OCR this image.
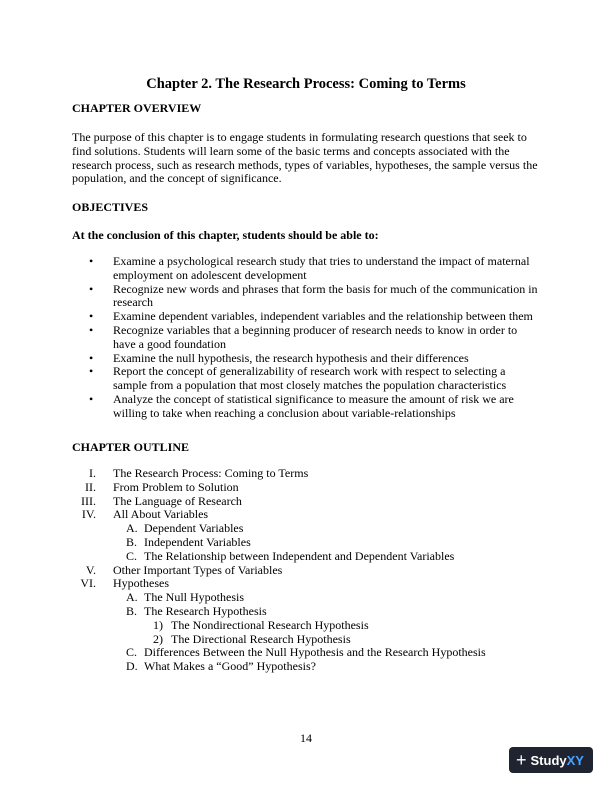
Chapter 2. The Research Process: Coming to Terms
CHAPTER OVERVIEW
The purpose of this chapter is to engage students in formulating research questions that seek to
find solutions. Students will learn some of the basic terms and concepts associated with the
research process, such as research methods, types of variables, hypotheses, the sample versus the
population, and the concept of significance.
OBJECTIVES
At the conclusion of this chapter, students should be able to:
• Examine a psychological research study that tries to understand the impact of maternal
employment on adolescent development
• Recognize new words and phrases that form the basis for much of the communication in
research
• Examine dependent variables, independent variables and the relationship between them
• Recognize variables that a beginning producer of research needs to know in order to
have a good foundation
• Examine the null hypothesis, the research hypothesis and their differences
• Report the concept of generalizability of research work with respect to selecting a
sample from a population that most closely matches the population characteristics
• Analyze the concept of statistical significance to measure the amount of risk we are
willing to take when reaching a conclusion about variable-relationships
CHAPTER OUTLINE
I. The Research Process: Coming to Terms
II. From Problem to Solution
III. The Language of Research
IV. All About Variables
A. Dependent Variables
B. Independent Variables
C. The Relationship between Independent and Dependent Variables
V. Other Important Types of Variables
VI. Hypotheses
A. The Null Hypothesis
B. The Research Hypothesis
1) The Nondirectional Research Hypothesis
2) The Directional Research Hypothesis
C. Differences Between the Null Hypothesis and the Research Hypothesis
D. What Makes a “Good” Hypothesis?
14
+ StudyXY
